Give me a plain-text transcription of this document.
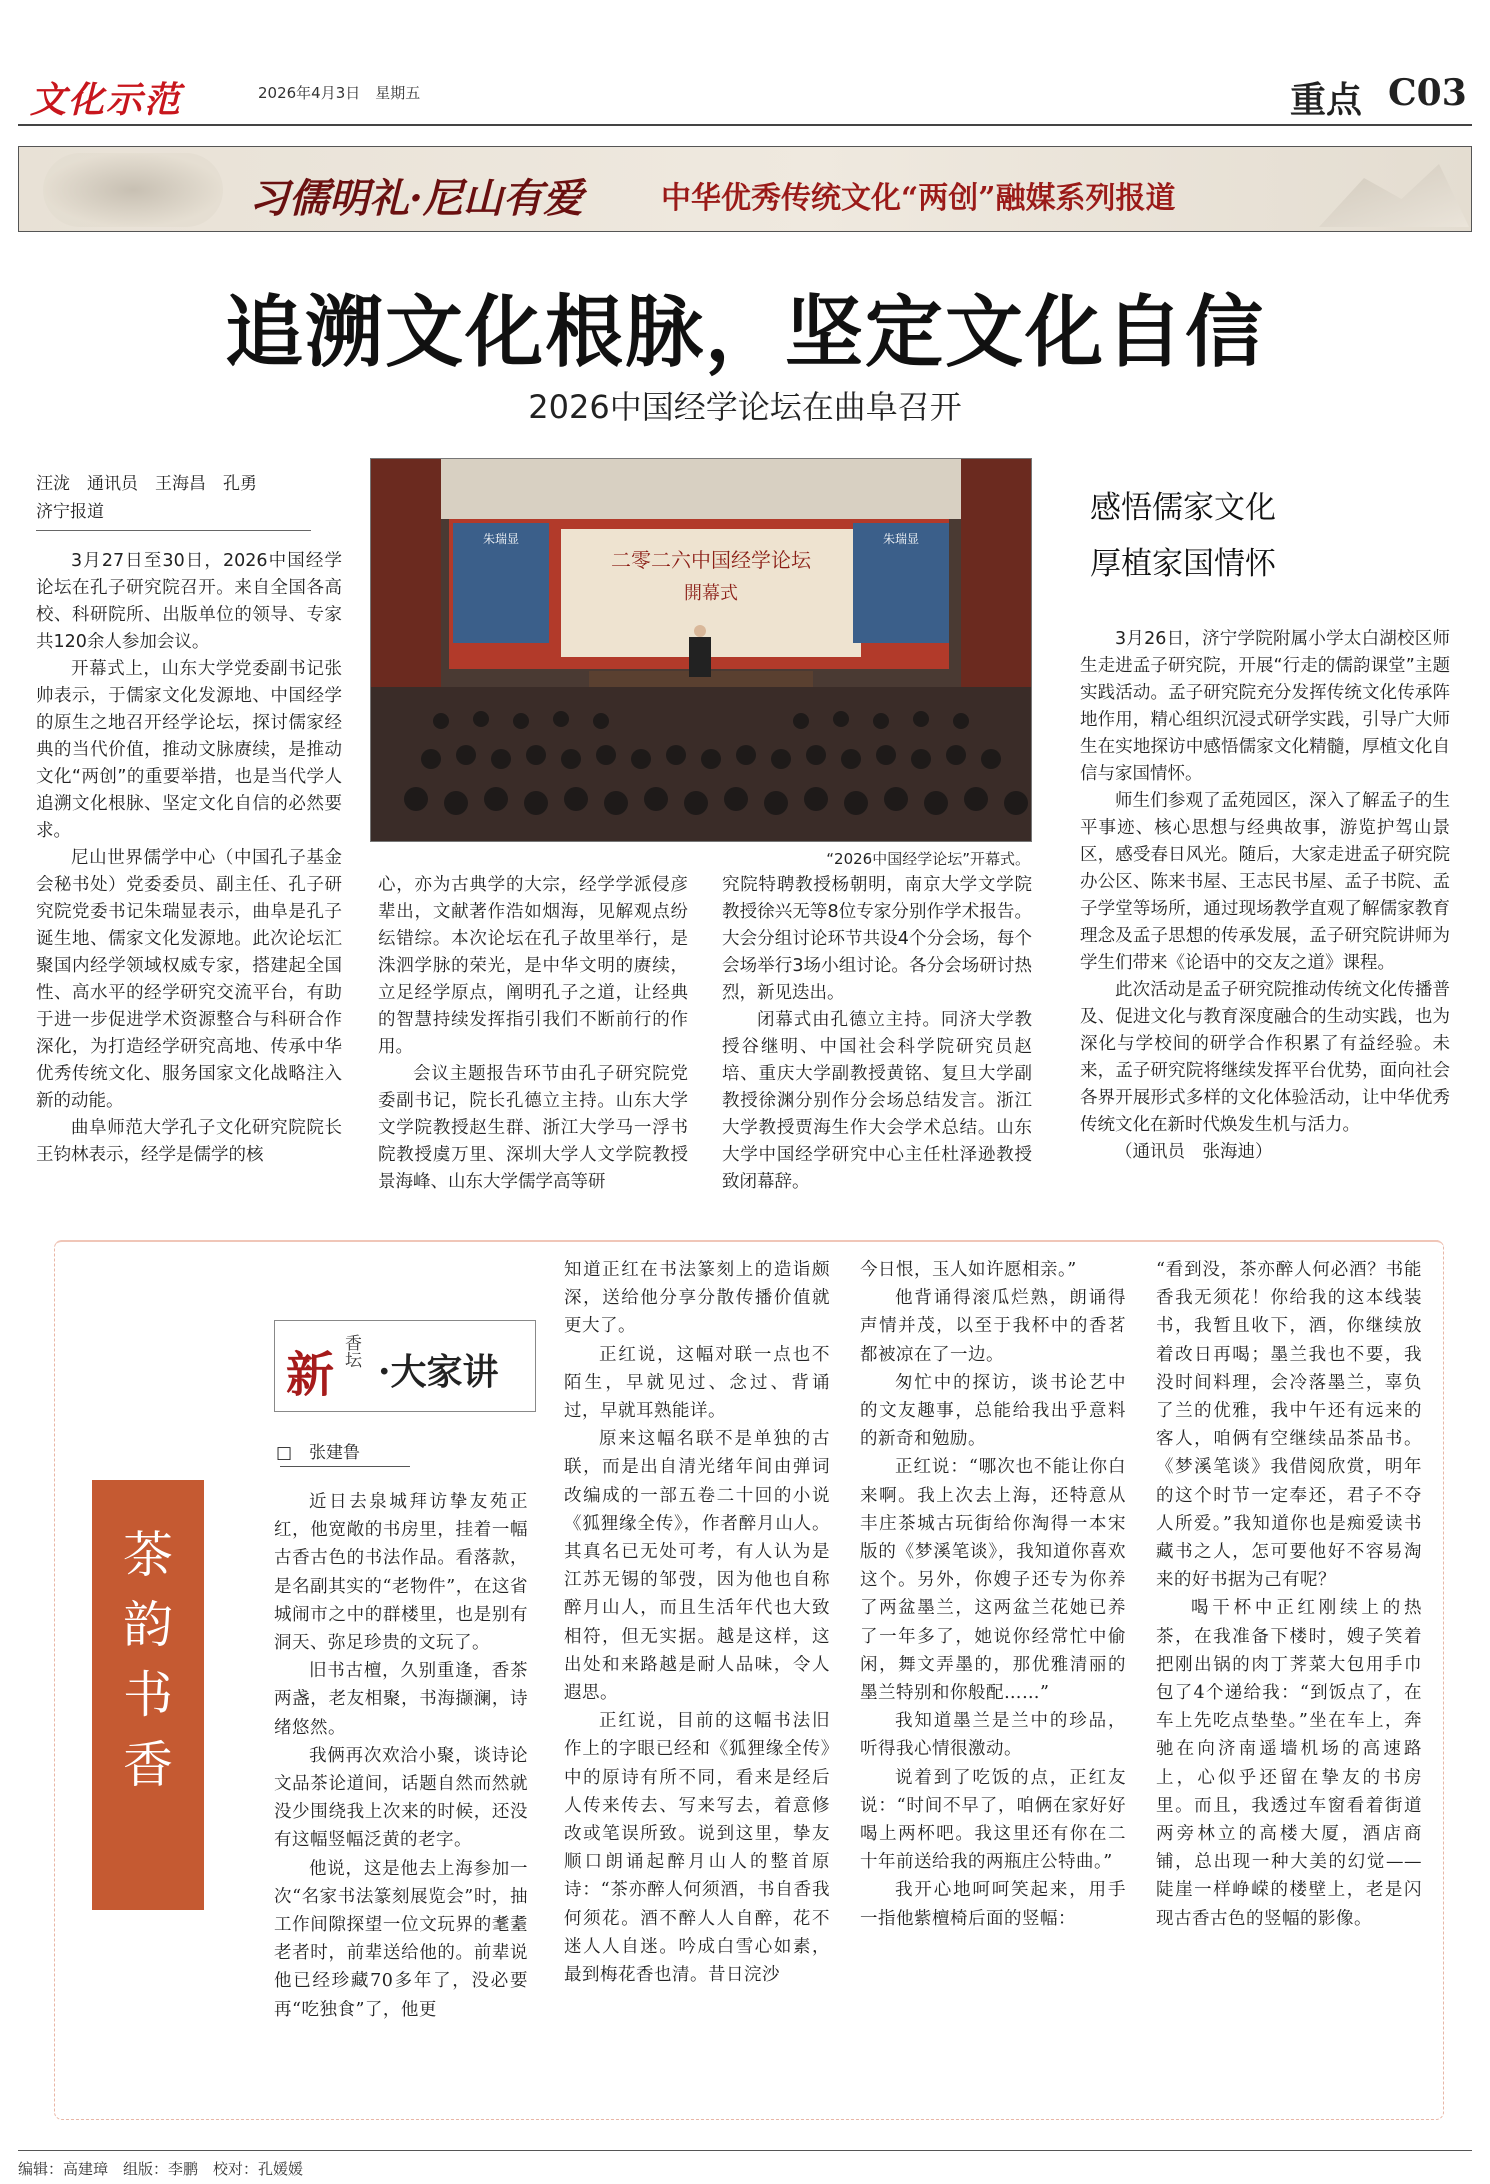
文化示范	2026年4月3日　星期五	重点 C03
习儒明礼·尼山有爱	中华优秀传统文化“两创”融媒系列报道
追溯文化根脉，坚定文化自信
2026中国经学论坛在曲阜召开
汪泷　通讯员　王海昌　孔勇
济宁报道

3月27日至30日，2026中国经学论坛在孔子研究院召开。来自全国各高校、科研院所、出版单位的领导、专家共120余人参加会议。

开幕式上，山东大学党委副书记张帅表示，于儒家文化发源地、中国经学的原生之地召开经学论坛，探讨儒家经典的当代价值，推动文脉赓续，是推动文化“两创”的重要举措，也是当代学人追溯文化根脉、坚定文化自信的必然要求。

尼山世界儒学中心（中国孔子基金会秘书处）党委委员、副主任、孔子研究院党委书记朱瑞显表示，曲阜是孔子诞生地、儒家文化发源地。此次论坛汇聚国内经学领域权威专家，搭建起全国性、高水平的经学研究交流平台，有助于进一步促进学术资源整合与科研合作深化，为打造经学研究高地、传承中华优秀传统文化、服务国家文化战略注入新的动能。

曲阜师范大学孔子文化研究院院长王钧林表示，经学是儒学的核

二零二六中国经学论坛
開幕式
朱瑞显	朱瑞显
“2026中国经学论坛”开幕式。

心，亦为古典学的大宗，经学学派侵彦辈出，文献著作浩如烟海，见解观点纷纭错综。本次论坛在孔子故里举行，是洙泗学脉的荣光，是中华文明的赓续，立足经学原点，阐明孔子之道，让经典的智慧持续发挥指引我们不断前行的作用。

会议主题报告环节由孔子研究院党委副书记，院长孔德立主持。山东大学文学院教授赵生群、浙江大学马一浮书院教授虞万里、深圳大学人文学院教授景海峰、山东大学儒学高等研

究院特聘教授杨朝明，南京大学文学院教授徐兴无等8位专家分别作学术报告。大会分组讨论环节共设4个分会场，每个会场举行3场小组讨论。各分会场研讨热烈，新见迭出。

闭幕式由孔德立主持。同济大学教授谷继明、中国社会科学院研究员赵培、重庆大学副教授黄铭、复旦大学副教授徐渊分别作分会场总结发言。浙江大学教授贾海生作大会学术总结。山东大学中国经学研究中心主任杜泽逊教授致闭幕辞。

感悟儒家文化
厚植家国情怀

3月26日，济宁学院附属小学太白湖校区师生走进孟子研究院，开展“行走的儒韵课堂”主题实践活动。孟子研究院充分发挥传统文化传承阵地作用，精心组织沉浸式研学实践，引导广大师生在实地探访中感悟儒家文化精髓，厚植文化自信与家国情怀。

师生们参观了孟苑园区，深入了解孟子的生平事迹、核心思想与经典故事，游览护驾山景区，感受春日风光。随后，大家走进孟子研究院办公区、陈来书屋、王志民书屋、孟子书院、孟子学堂等场所，通过现场教学直观了解儒家教育理念及孟子思想的传承发展，孟子研究院讲师为学生们带来《论语中的交友之道》课程。

此次活动是孟子研究院推动传统文化传播普及、促进文化与教育深度融合的生动实践，也为深化与学校间的研学合作积累了有益经验。未来，孟子研究院将继续发挥平台优势，面向社会各界开展形式多样的文化体验活动，让中华优秀传统文化在新时代焕发生机与活力。

（通讯员　张海迪）

茶韵书香
新 香坛 ·大家讲
□　张建鲁

近日去泉城拜访挚友苑正红，他宽敞的书房里，挂着一幅古香古色的书法作品。看落款，是名副其实的“老物件”，在这省城闹市之中的群楼里，也是别有洞天、弥足珍贵的文玩了。

旧书古檀，久别重逢，香茶两盏，老友相聚，书海撷澜，诗绪悠然。

我俩再次欢洽小聚，谈诗论文品茶论道间，话题自然而然就没少围绕我上次来的时候，还没有这幅竖幅泛黄的老字。

他说，这是他去上海参加一次“名家书法篆刻展览会”时，抽工作间隙探望一位文玩界的耄耋老者时，前辈送给他的。前辈说他已经珍藏70多年了，没必要再“吃独食”了，他更

知道正红在书法篆刻上的造诣颇深，送给他分享分散传播价值就更大了。

正红说，这幅对联一点也不陌生，早就见过、念过、背诵过，早就耳熟能详。

原来这幅名联不是单独的古联，而是出自清光绪年间由弹词改编成的一部五卷二十回的小说《狐狸缘全传》，作者醉月山人。其真名已无处可考，有人认为是江苏无锡的邹弢，因为他也自称醉月山人，而且生活年代也大致相符，但无实据。越是这样，这出处和来路越是耐人品味，令人遐思。

正红说，目前的这幅书法旧作上的字眼已经和《狐狸缘全传》中的原诗有所不同，看来是经后人传来传去、写来写去，着意修改或笔误所致。说到这里，挚友顺口朗诵起醉月山人的整首原诗：“茶亦醉人何须酒，书自香我何须花。酒不醉人人自醉，花不迷人人自迷。吟成白雪心如素，最到梅花香也清。昔日浣沙

今日恨，玉人如许愿相亲。”

他背诵得滚瓜烂熟，朗诵得声情并茂，以至于我杯中的香茗都被凉在了一边。

匆忙中的探访，谈书论艺中的文友趣事，总能给我出乎意料的新奇和勉励。

正红说：“哪次也不能让你白来啊。我上次去上海，还特意从丰庄茶城古玩街给你淘得一本宋版的《梦溪笔谈》，我知道你喜欢这个。另外，你嫂子还专为你养了两盆墨兰，这两盆兰花她已养了一年多了，她说你经常忙中偷闲，舞文弄墨的，那优雅清丽的墨兰特别和你般配……”

我知道墨兰是兰中的珍品，听得我心情很激动。

说着到了吃饭的点，正红友说：“时间不早了，咱俩在家好好喝上两杯吧。我这里还有你在二十年前送给我的两瓶庄公特曲。”

我开心地呵呵笑起来，用手一指他紫檀椅后面的竖幅：

“看到没，茶亦醉人何必酒？书能香我无须花！你给我的这本线装书，我暂且收下，酒，你继续放着改日再喝；墨兰我也不要，我没时间料理，会冷落墨兰，辜负了兰的优雅，我中午还有远来的客人，咱俩有空继续品茶品书。《梦溪笔谈》我借阅欣赏，明年的这个时节一定奉还，君子不夺人所爱。”我知道你也是痴爱读书藏书之人，怎可要他好不容易淘来的好书据为己有呢？

喝干杯中正红刚续上的热茶，在我准备下楼时，嫂子笑着把刚出锅的肉丁荠菜大包用手巾包了4个递给我：“到饭点了，在车上先吃点垫垫。”坐在车上，奔驰在向济南遥墙机场的高速路上，心似乎还留在挚友的书房里。而且，我透过车窗看着街道两旁林立的高楼大厦，酒店商铺，总出现一种大美的幻觉——陡崖一样峥嵘的楼壁上，老是闪现古香古色的竖幅的影像。

编辑：高建璋　组版：李鹏　校对：孔媛媛
